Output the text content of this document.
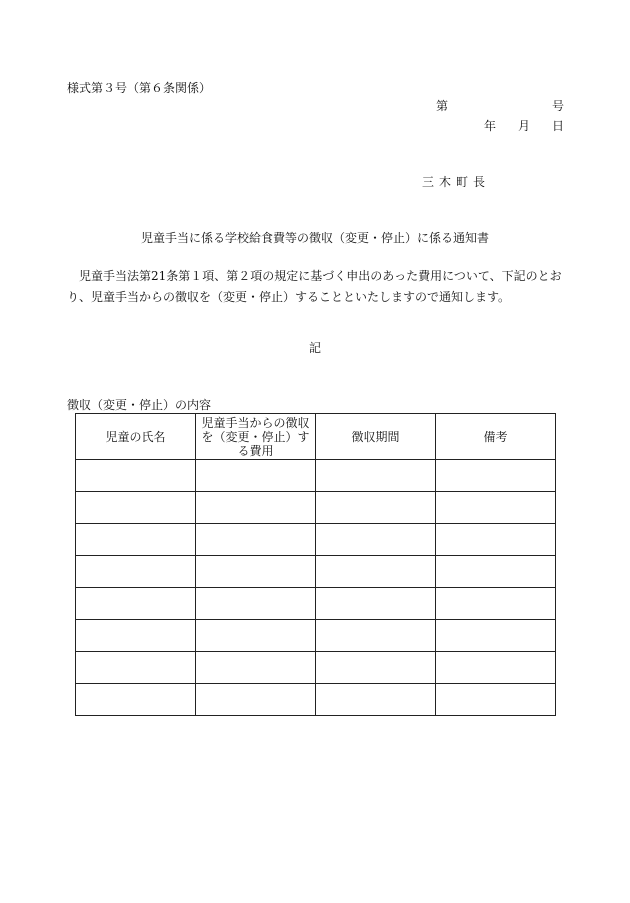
様式第３号（第６条関係）
第	号
年 月 日
三木町長
児童手当に係る学校給食費等の徴収（変更・停止）に係る通知書
児童手当法第21条第１項、第２項の規定に基づく申出のあった費用について、下記のとおり、児童手当からの徴収を（変更・停止）することといたしますので通知します。
記
徴収（変更・停止）の内容
児童の氏名	児童手当からの徴収を（変更・停止）する費用	徴収期間	備考
